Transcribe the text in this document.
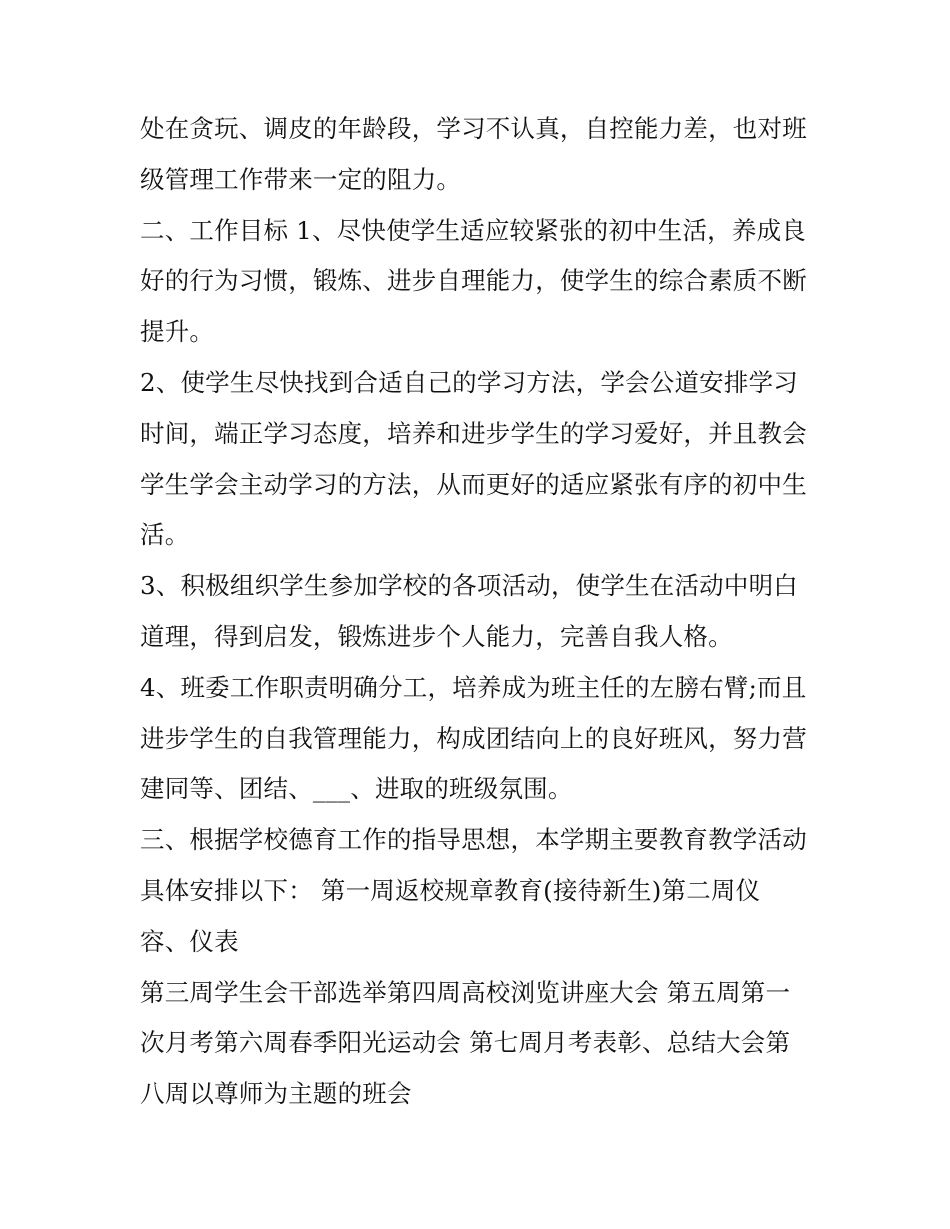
处在贪玩、调皮的年龄段，学习不认真，自控能力差，也对班
级管理工作带来一定的阻力。
二、工作目标 1、尽快使学生适应较紧张的初中生活，养成良
好的行为习惯，锻炼、进步自理能力，使学生的综合素质不断
提升。
2、使学生尽快找到合适自己的学习方法，学会公道安排学习
时间，端正学习态度，培养和进步学生的学习爱好，并且教会
学生学会主动学习的方法，从而更好的适应紧张有序的初中生
活。
3、积极组织学生参加学校的各项活动，使学生在活动中明白
道理，得到启发，锻炼进步个人能力，完善自我人格。
4、班委工作职责明确分工，培养成为班主任的左膀右臂;而且
进步学生的自我管理能力，构成团结向上的良好班风，努力营
建同等、团结、___、进取的班级氛围。
三、根据学校德育工作的指导思想，本学期主要教育教学活动
具体安排以下： 第一周返校规章教育(接待新生)第二周仪
容、仪表
第三周学生会干部选举第四周高校浏览讲座大会 第五周第一
次月考第六周春季阳光运动会 第七周月考表彰、总结大会第
八周以尊师为主题的班会
